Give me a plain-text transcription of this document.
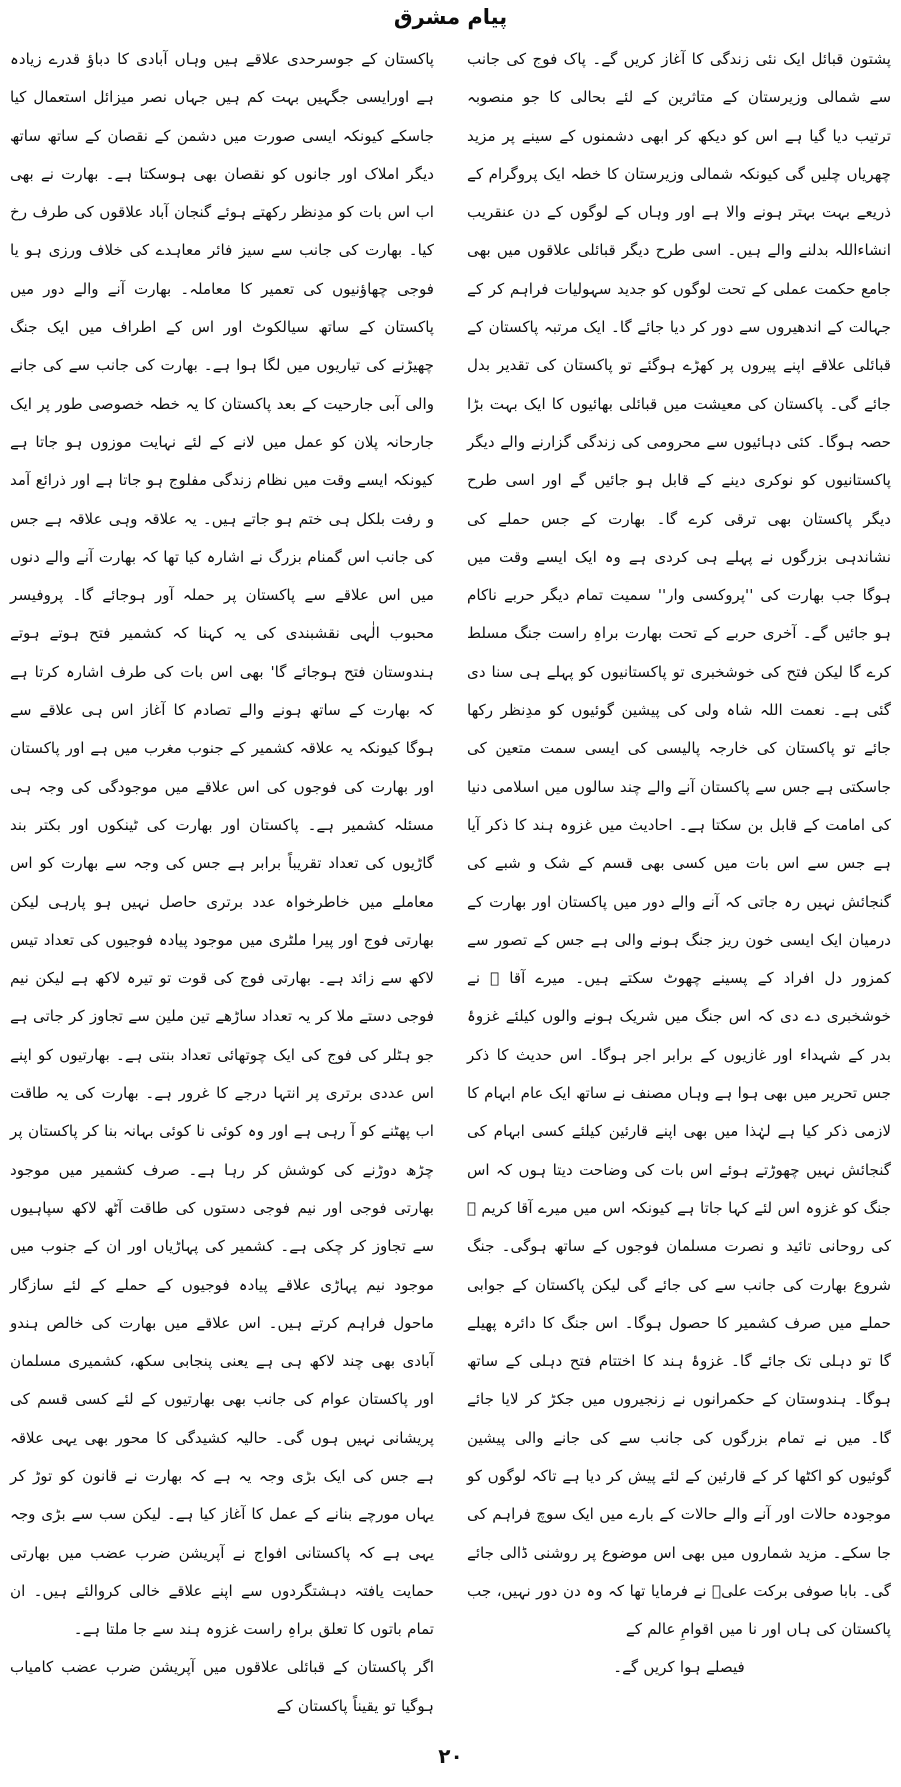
پیام مشرق

پاکستان کے جوسرحدی علاقے ہیں وہاں آبادی کا دباؤ قدرے زیادہ ہے اورایسی جگہیں بہت کم ہیں جہاں نصر میزائل استعمال کیا جاسکے کیونکہ ایسی صورت میں دشمن کے نقصان کے ساتھ ساتھ دیگر املاک اور جانوں کو نقصان بھی ہوسکتا ہے۔ بھارت نے بھی اب اس بات کو مدِنظر رکھتے ہوئے گنجان آباد علاقوں کی طرف رخ کیا۔ بھارت کی جانب سے سیز فائر معاہدے کی خلاف ورزی ہو یا فوجی چھاؤنیوں کی تعمیر کا معاملہ۔ بھارت آنے والے دور میں پاکستان کے ساتھ سیالکوٹ اور اس کے اطراف میں ایک جنگ چھیڑنے کی تیاریوں میں لگا ہوا ہے۔ بھارت کی جانب سے کی جانے والی آبی جارحیت کے بعد پاکستان کا یہ خطہ خصوصی طور پر ایک جارحانہ پلان کو عمل میں لانے کے لئے نہایت موزوں ہو جاتا ہے کیونکہ ایسے وقت میں نظام زندگی مفلوج ہو جاتا ہے اور ذرائع آمد و رفت بلکل ہی ختم ہو جاتے ہیں۔ یہ علاقہ وہی علاقہ ہے جس کی جانب اس گمنام بزرگ نے اشارہ کیا تھا کہ بھارت آنے والے دنوں میں اس علاقے سے پاکستان پر حملہ آور ہوجائے گا۔ پروفیسر محبوب الٰہی نقشبندی کی یہ کہنا کہ کشمیر فتح ہوتے ہوتے ہندوستان فتح ہوجائے گا' بھی اس بات کی طرف اشارہ کرتا ہے کہ بھارت کے ساتھ ہونے والے تصادم کا آغاز اس ہی علاقے سے ہوگا کیونکہ یہ علاقہ کشمیر کے جنوب مغرب میں ہے اور پاکستان اور بھارت کی فوجوں کی اس علاقے میں موجودگی کی وجہ ہی مسئلہ کشمیر ہے۔ پاکستان اور بھارت کی ٹینکوں اور بکتر بند گاڑیوں کی تعداد تقریباً برابر ہے جس کی وجہ سے بھارت کو اس معاملے میں خاطرخواہ عدد برتری حاصل نہیں ہو پارہی لیکن بھارتی فوج اور پیرا ملٹری میں موجود پیادہ فوجیوں کی تعداد تیس لاکھ سے زائد ہے۔ بھارتی فوج کی قوت تو تیرہ لاکھ ہے لیکن نیم فوجی دستے ملا کر یہ تعداد ساڑھے تین ملین سے تجاوز کر جاتی ہے جو ہٹلر کی فوج کی ایک چوتھائی تعداد بنتی ہے۔ بھارتیوں کو اپنے اس عددی برتری پر انتہا درجے کا غرور ہے۔ بھارت کی یہ طاقت اب پھٹنے کو آ رہی ہے اور وہ کوئی نا کوئی بہانہ بنا کر پاکستان پر چڑھ دوڑنے کی کوشش کر رہا ہے۔ صرف کشمیر میں موجود بھارتی فوجی اور نیم فوجی دستوں کی طاقت آٹھ لاکھ سپاہیوں سے تجاوز کر چکی ہے۔ کشمیر کی پہاڑیاں اور ان کے جنوب میں موجود نیم پہاڑی علاقے پیادہ فوجیوں کے حملے کے لئے سازگار ماحول فراہم کرتے ہیں۔ اس علاقے میں بھارت کی خالص ہندو آبادی بھی چند لاکھ ہی ہے یعنی پنجابی سکھ، کشمیری مسلمان اور پاکستان عوام کی جانب بھی بھارتیوں کے لئے کسی قسم کی پریشانی نہیں ہوں گی۔ حالیہ کشیدگی کا محور بھی یہی علاقہ ہے جس کی ایک بڑی وجہ یہ ہے کہ بھارت نے قانون کو توڑ کر یہاں مورچے بنانے کے عمل کا آغاز کیا ہے۔ لیکن سب سے بڑی وجہ یہی ہے کہ پاکستانی افواج نے آپریشن ضرب عضب میں بھارتی حمایت یافتہ دہشتگردوں سے اپنے علاقے خالی کروالئے ہیں۔ ان تمام باتوں کا تعلق براہِ راست غزوہ ہند سے جا ملتا ہے۔

اگر پاکستان کے قبائلی علاقوں میں آپریشن ضرب عضب کامیاب ہوگیا تو یقیناً پاکستان کے

پشتون قبائل ایک نئی زندگی کا آغاز کریں گے۔ پاک فوج کی جانب سے شمالی وزیرستان کے متاثرین کے لئے بحالی کا جو منصوبہ ترتیب دیا گیا ہے اس کو دیکھ کر ابھی دشمنوں کے سینے پر مزید چھریاں چلیں گی کیونکہ شمالی وزیرستان کا خطہ ایک پروگرام کے ذریعے بہت بہتر ہونے والا ہے اور وہاں کے لوگوں کے دن عنقریب انشاءاللہ بدلنے والے ہیں۔ اسی طرح دیگر قبائلی علاقوں میں بھی جامع حکمت عملی کے تحت لوگوں کو جدید سہولیات فراہم کر کے جہالت کے اندھیروں سے دور کر دیا جائے گا۔ ایک مرتبہ پاکستان کے قبائلی علاقے اپنے پیروں پر کھڑے ہوگئے تو پاکستان کی تقدیر بدل جائے گی۔ پاکستان کی معیشت میں قبائلی بھائیوں کا ایک بہت بڑا حصہ ہوگا۔ کئی دہائیوں سے محرومی کی زندگی گزارنے والے دیگر پاکستانیوں کو نوکری دینے کے قابل ہو جائیں گے اور اسی طرح دیگر پاکستان بھی ترقی کرے گا۔ بھارت کے جس حملے کی نشاندہی بزرگوں نے پہلے ہی کردی ہے وہ ایک ایسے وقت میں ہوگا جب بھارت کی ''پروکسی وار'' سمیت تمام دیگر حربے ناکام ہو جائیں گے۔ آخری حربے کے تحت بھارت براہِ راست جنگ مسلط کرے گا لیکن فتح کی خوشخبری تو پاکستانیوں کو پہلے ہی سنا دی گئی ہے۔ نعمت اللہ شاہ ولی کی پیشین گوئیوں کو مدِنظر رکھا جائے تو پاکستان کی خارجہ پالیسی کی ایسی سمت متعین کی جاسکتی ہے جس سے پاکستان آنے والے چند سالوں میں اسلامی دنیا کی امامت کے قابل بن سکتا ہے۔ احادیث میں غزوہ ہند کا ذکر آیا ہے جس سے اس بات میں کسی بھی قسم کے شک و شبے کی گنجائش نہیں رہ جاتی کہ آنے والے دور میں پاکستان اور بھارت کے درمیان ایک ایسی خون ریز جنگ ہونے والی ہے جس کے تصور سے کمزور دل افراد کے پسینے چھوٹ سکتے ہیں۔ میرے آقا ﷺ نے خوشخبری دے دی کہ اس جنگ میں شریک ہونے والوں کیلئے غزوۂ بدر کے شہداء اور غازیوں کے برابر اجر ہوگا۔ اس حدیث کا ذکر جس تحریر میں بھی ہوا ہے وہاں مصنف نے ساتھ ایک عام ابہام کا لازمی ذکر کیا ہے لہٰذا میں بھی اپنے قارئین کیلئے کسی ابہام کی گنجائش نہیں چھوڑتے ہوئے اس بات کی وضاحت دیتا ہوں کہ اس جنگ کو غزوہ اس لئے کہا جاتا ہے کیونکہ اس میں میرے آقا کریم ﷺ کی روحانی تائید و نصرت مسلمان فوجوں کے ساتھ ہوگی۔ جنگ شروع بھارت کی جانب سے کی جائے گی لیکن پاکستان کے جوابی حملے میں صرف کشمیر کا حصول ہوگا۔ اس جنگ کا دائرہ پھیلے گا تو دہلی تک جائے گا۔ غزوۂ ہند کا اختتام فتح دہلی کے ساتھ ہوگا۔ ہندوستان کے حکمرانوں نے زنجیروں میں جکڑ کر لایا جائے گا۔ میں نے تمام بزرگوں کی جانب سے کی جانے والی پیشین گوئیوں کو اکٹھا کر کے قارئین کے لئے پیش کر دیا ہے تاکہ لوگوں کو موجودہ حالات اور آنے والے حالات کے بارے میں ایک سوچ فراہم کی جا سکے۔ مزید شماروں میں بھی اس موضوع پر روشنی ڈالی جائے گی۔ بابا صوفی برکت علیؒ نے فرمایا تھا کہ وہ دن دور نہیں، جب پاکستان کی ہاں اور نا میں اقوامِ عالم کے

فیصلے ہوا کریں گے۔

۲۰
